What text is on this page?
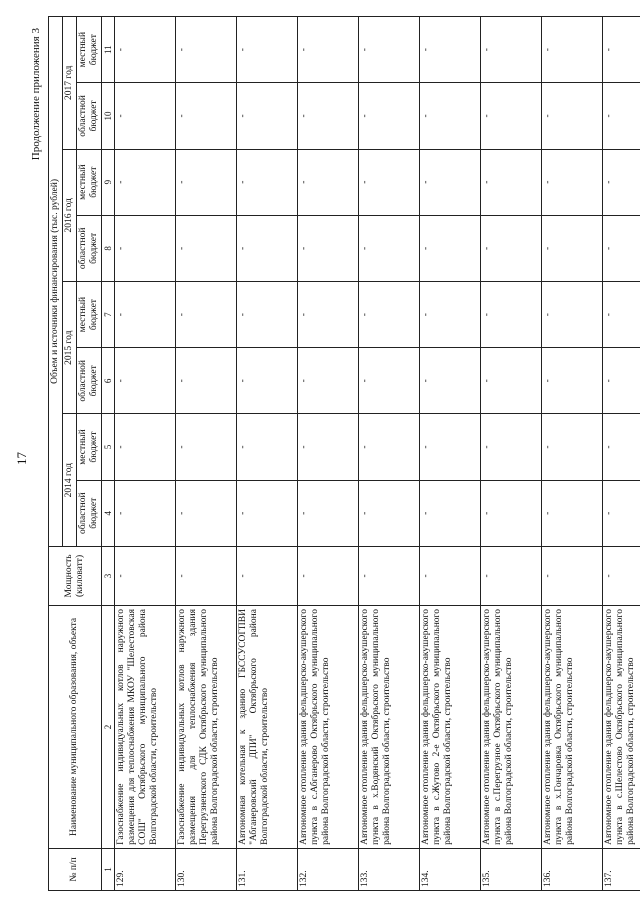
17
Продолжение приложения 3
№ п/п	Наименование муниципального образования, объекта	Мощность (киловатт)	Объем и источники финансирования (тыс. рублей)							
			2014 год		2015 год		2016 год		2017 год	
			областной бюджет	местный бюджет	областной бюджет	местный бюджет	областной бюджет	местный бюджет	областной бюджет	местный бюджет
1	2	3	4	5	6	7	8	9	10	11
129.	Газоснабжение индивидуальных котлов наружного размещения для теплоснабжения МКОУ "Шелестовская СОШ" Октябрьского муниципального района Волгоградской области, строительство	-	-	-	-	-	-	-	-	-
130.	Газоснабжение индивидуальных котлов наружного размещения для теплоснабжения здания Перегрузненского СДК Октябрьского муниципального района Волгоградской области, строительство	-	-	-	-	-	-	-	-	-
131.	Автономная котельная к зданию ГБССУСОГПВИ "Абганеровский ДПИ" Октябрьского района Волгоградской области, строительство	-	-	-	-	-	-	-	-	-
132.	Автономное отопление здания фельдшерско-акушерского пункта в с.Абганерово Октябрьского муниципального района Волгоградской области, строительство	-	-	-	-	-	-	-	-	-
133.	Автономное отопление здания фельдшерско-акушерского пункта в х.Водянский Октябрьского муниципального района Волгоградской области, строительство	-	-	-	-	-	-	-	-	-
134.	Автономное отопление здания фельдшерско-акушерского пункта в с.Жутово 2-е Октябрьского муниципального района Волгоградской области, строительство	-	-	-	-	-	-	-	-	-
135.	Автономное отопление здания фельдшерско-акушерского пункта в с.Перегрузное Октябрьского муниципального района Волгоградской области, строительство	-	-	-	-	-	-	-	-	-
136.	Автономное отопление здания фельдшерско-акушерского пункта в х.Гончаровка Октябрьского муниципального района Волгоградской области, строительство	-	-	-	-	-	-	-	-	-
137.	Автономное отопление здания фельдшерско-акушерского пункта в с.Шелестово Октябрьского муниципального района Волгоградской области, строительство	-	-	-	-	-	-	-	-	-
